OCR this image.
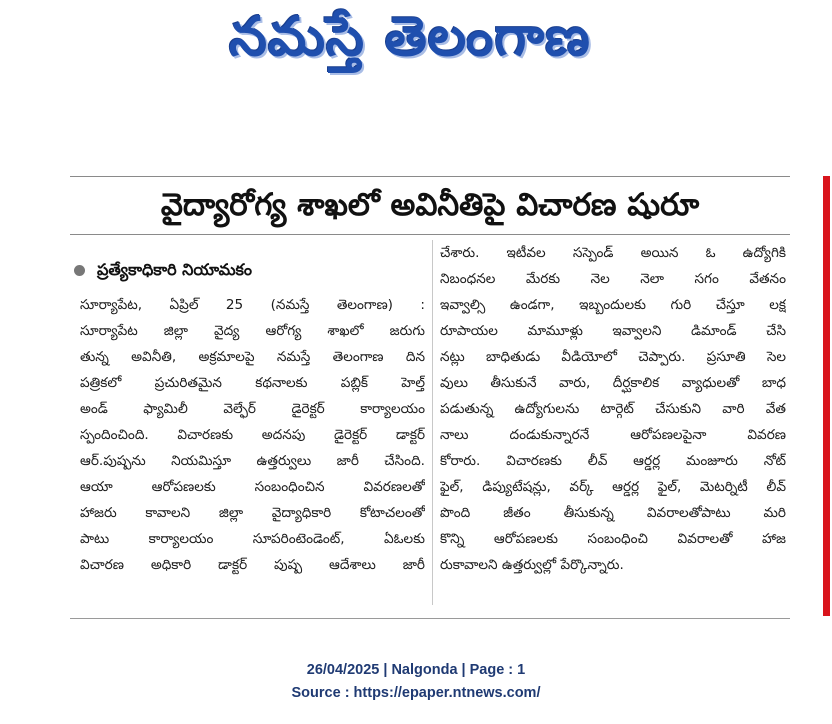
నమస్తే తెలంగాణ
వైద్యారోగ్య శాఖలో అవినీతిపై విచారణ షురూ
ప్రత్యేకాధికారి నియామకం
సూర్యాపేట, ఏప్రిల్ 25 (నమస్తే తెలంగాణ) :
సూర్యాపేట జిల్లా వైద్య ఆరోగ్య శాఖలో జరుగు
తున్న అవినీతి, అక్రమాలపై నమస్తే తెలంగాణ దిన
పత్రికలో ప్రచురితమైన కథనాలకు పబ్లిక్ హెల్త్
అండ్ ఫ్యామిలీ వెల్ఫేర్ డైరెక్టర్ కార్యాలయం
స్పందించింది. విచారణకు అదనపు డైరెక్టర్ డాక్టర్
ఆర్.పుష్పను నియమిస్తూ ఉత్తర్వులు జారీ చేసింది.
ఆయా ఆరోపణలకు సంబంధించిన వివరణలతో
హాజరు కావాలని జిల్లా వైద్యాధికారి కోటాచలంతో
పాటు కార్యాలయం సూపరింటెండెంట్, ఏఓలకు
విచారణ అధికారి డాక్టర్ పుష్ప ఆదేశాలు జారీ
చేశారు. ఇటీవల సస్పెండ్ అయిన ఓ ఉద్యోగికి
నిబంధనల మేరకు నెల నెలా సగం వేతనం
ఇవ్వాల్సి ఉండగా, ఇబ్బందులకు గురి చేస్తూ లక్ష
రూపాయల మామూళ్లు ఇవ్వాలని డిమాండ్ చేసి
నట్లు బాధితుడు వీడియోలో చెప్పారు. ప్రసూతి సెల
వులు తీసుకునే వారు, దీర్ఘకాలిక వ్యాధులతో బాధ
పడుతున్న ఉద్యోగులను టార్గెట్ చేసుకుని వారి వేత
నాలు దండుకున్నారనే ఆరోపణలపైనా వివరణ
కోరారు. విచారణకు లీవ్ ఆర్డర్ల మంజూరు నోట్
ఫైల్, డిప్యుటేషన్లు, వర్క్ ఆర్డర్ల ఫైల్, మెటర్నిటీ లీవ్
పొంది జీతం తీసుకున్న వివరాలతోపాటు మరి
కొన్ని ఆరోపణలకు సంబంధించి వివరాలతో హాజ
రుకావాలని ఉత్తర్వుల్లో పేర్కొన్నారు.
26/04/2025 | Nalgonda | Page : 1
Source : https://epaper.ntnews.com/
